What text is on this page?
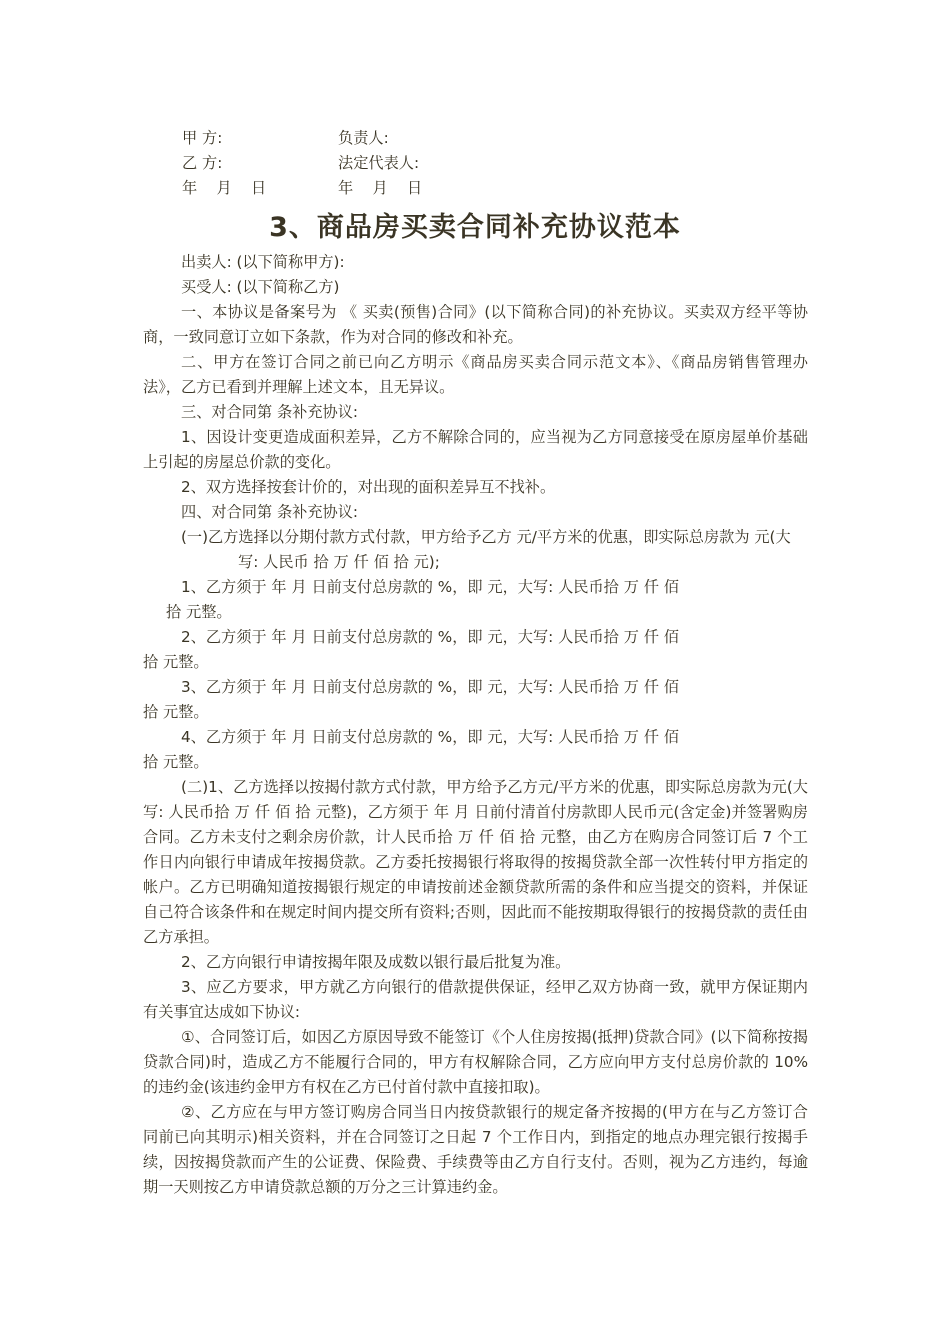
甲 方:	负责人:
乙 方:	法定代表人:
年    月    日	年    月    日
3、商品房买卖合同补充协议范本

出卖人: (以下简称甲方):

买受人: (以下简称乙方)

一、本协议是备案号为 《 买卖(预售)合同》(以下简称合同)的补充协议。买卖双方经平等协商，一致同意订立如下条款，作为对合同的修改和补充。

二、甲方在签订合同之前已向乙方明示《商品房买卖合同示范文本》、《商品房销售管理办法》，乙方已看到并理解上述文本，且无异议。

三、对合同第 条补充协议:

1、因设计变更造成面积差异，乙方不解除合同的，应当视为乙方同意接受在原房屋单价基础上引起的房屋总价款的变化。

2、双方选择按套计价的，对出现的面积差异互不找补。

四、对合同第 条补充协议:

(一)乙方选择以分期付款方式付款，甲方给予乙方 元/平方米的优惠，即实际总房款为 元(大

写: 人民币 拾 万 仟 佰 拾 元);

1、乙方须于 年 月 日前支付总房款的 %，即 元，大写: 人民币拾 万 仟 佰

拾 元整。

2、乙方须于 年 月 日前支付总房款的 %，即 元，大写: 人民币拾 万 仟 佰

拾 元整。

3、乙方须于 年 月 日前支付总房款的 %，即 元，大写: 人民币拾 万 仟 佰

拾 元整。

4、乙方须于 年 月 日前支付总房款的 %，即 元，大写: 人民币拾 万 仟 佰

拾 元整。

(二)1、乙方选择以按揭付款方式付款，甲方给予乙方元/平方米的优惠，即实际总房款为元(大写: 人民币拾 万 仟 佰 拾 元整)，乙方须于 年 月 日前付清首付房款即人民币元(含定金)并签署购房合同。乙方未支付之剩余房价款，计人民币拾 万 仟 佰 拾 元整，由乙方在购房合同签订后 7 个工作日内向银行申请成年按揭贷款。乙方委托按揭银行将取得的按揭贷款全部一次性转付甲方指定的帐户。乙方已明确知道按揭银行规定的申请按前述金额贷款所需的条件和应当提交的资料，并保证自己符合该条件和在规定时间内提交所有资料;否则，因此而不能按期取得银行的按揭贷款的责任由乙方承担。

2、乙方向银行申请按揭年限及成数以银行最后批复为准。

3、应乙方要求，甲方就乙方向银行的借款提供保证，经甲乙双方协商一致，就甲方保证期内有关事宜达成如下协议:

①、合同签订后，如因乙方原因导致不能签订《个人住房按揭(抵押)贷款合同》(以下简称按揭贷款合同)时，造成乙方不能履行合同的，甲方有权解除合同，乙方应向甲方支付总房价款的 10%的违约金(该违约金甲方有权在乙方已付首付款中直接扣取)。

②、乙方应在与甲方签订购房合同当日内按贷款银行的规定备齐按揭的(甲方在与乙方签订合同前已向其明示)相关资料，并在合同签订之日起 7 个工作日内，到指定的地点办理完银行按揭手续，因按揭贷款而产生的公证费、保险费、手续费等由乙方自行支付。否则，视为乙方违约，每逾期一天则按乙方申请贷款总额的万分之三计算违约金。
